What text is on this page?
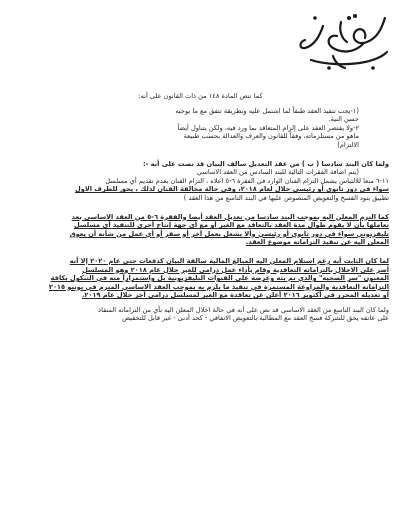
كما تنص المادة ١٤٨ من ذات القانون على أنه:

(١-يجب تنفيذ العقد طبقاً لما اشتمل عليه وبطريقة تتفق مع ما يوجبه

حسن النية.

٢-ولا يقتصر العقد على إلزام المتعاقد بما ورد فيه، ولكن يتناول أيضاً

ماهو من مستلزماته، وفقاً للقانون والعرف والعدالة بحسب طبيعة

الالتزام)

ولما كان البند سادسا ( ب ) من عقد التعديل سالف البيان قد نصت على أنه -:

(يتم اضافة الفقرات التالية للبند السادس من العقد الاساسي

١١-٦ منعا للالتباس يشمل التزام الفنان الوارد في الفقرة ٦-٥ اعلاه ، التزام الفنان بعدم تقديم أي مسلسل

سواء في دور ثانوي أو رئيسي خلال لعام ٢٠١٨، وفي حالة مخالفة الفنان لذلك ، يحق للطرف الاول

تطبيق بنود الفسخ والتعويض المنصوص عليها في البند التاسع من هذا العقد )

كما التزم المعلن اليه بموجب البند سادسا من تعديل العقد أيضا والفقرة ٦-٥ من العقد الاساسي بعد

تعاملها بأن لا يقوم طوال مدة العقد بالتعاقد مع الغير أو مع أي جهة إنتاج أخرى للتنفيذ أي مسلسل

تليفزيوني سواء في دور ثانوي أو رئيسي وألا يشغل بعمل آخر أو سفر أو أي عمل من شأنه أن يعوق

المعلن اليه عن تنفيذ التزاماته موضوع العقد.

لما كان الثابت أنه رغم استلام المعلن اليه المبالغ المالية سالفة البيان كدفعات حتى عام ٢٠٢٠ إلا أنه

أصر على الاخلال بالتزاماته التعاقدية وقام بأداء عمل درامي للغير خلال عام ٢٠١٨ وهو المسلسل

المعنون "سر الصحيه" والذي تم بثه وعرضه على القنوات التليفزيونية بل واستمراراً منه في التنكول بكافة

التزاماته التعاقدية والمراوغة المستمرة في تنفيذ ما يلزم به بموجب العقد الاساسي المبرم في يونيو ٢٠١٥

أو تعديله المحرر في أكتوبر ٢٠١٦ أعلن عن تعاقدة مع الغير لمسلسل درامي آخر خلال عام ٢٠١٩.

ولما كان البند التاسع من العقد الاساسي قد نص على أنه في حالة اخلال المعلن اليه بأي من التزاماته المنفاذ

على عاتقه يحق للشركة فسخ العقد مع المطالبة بالتعويض الاتفاقي - كحد أدنى - غير قابل للتخفيض
